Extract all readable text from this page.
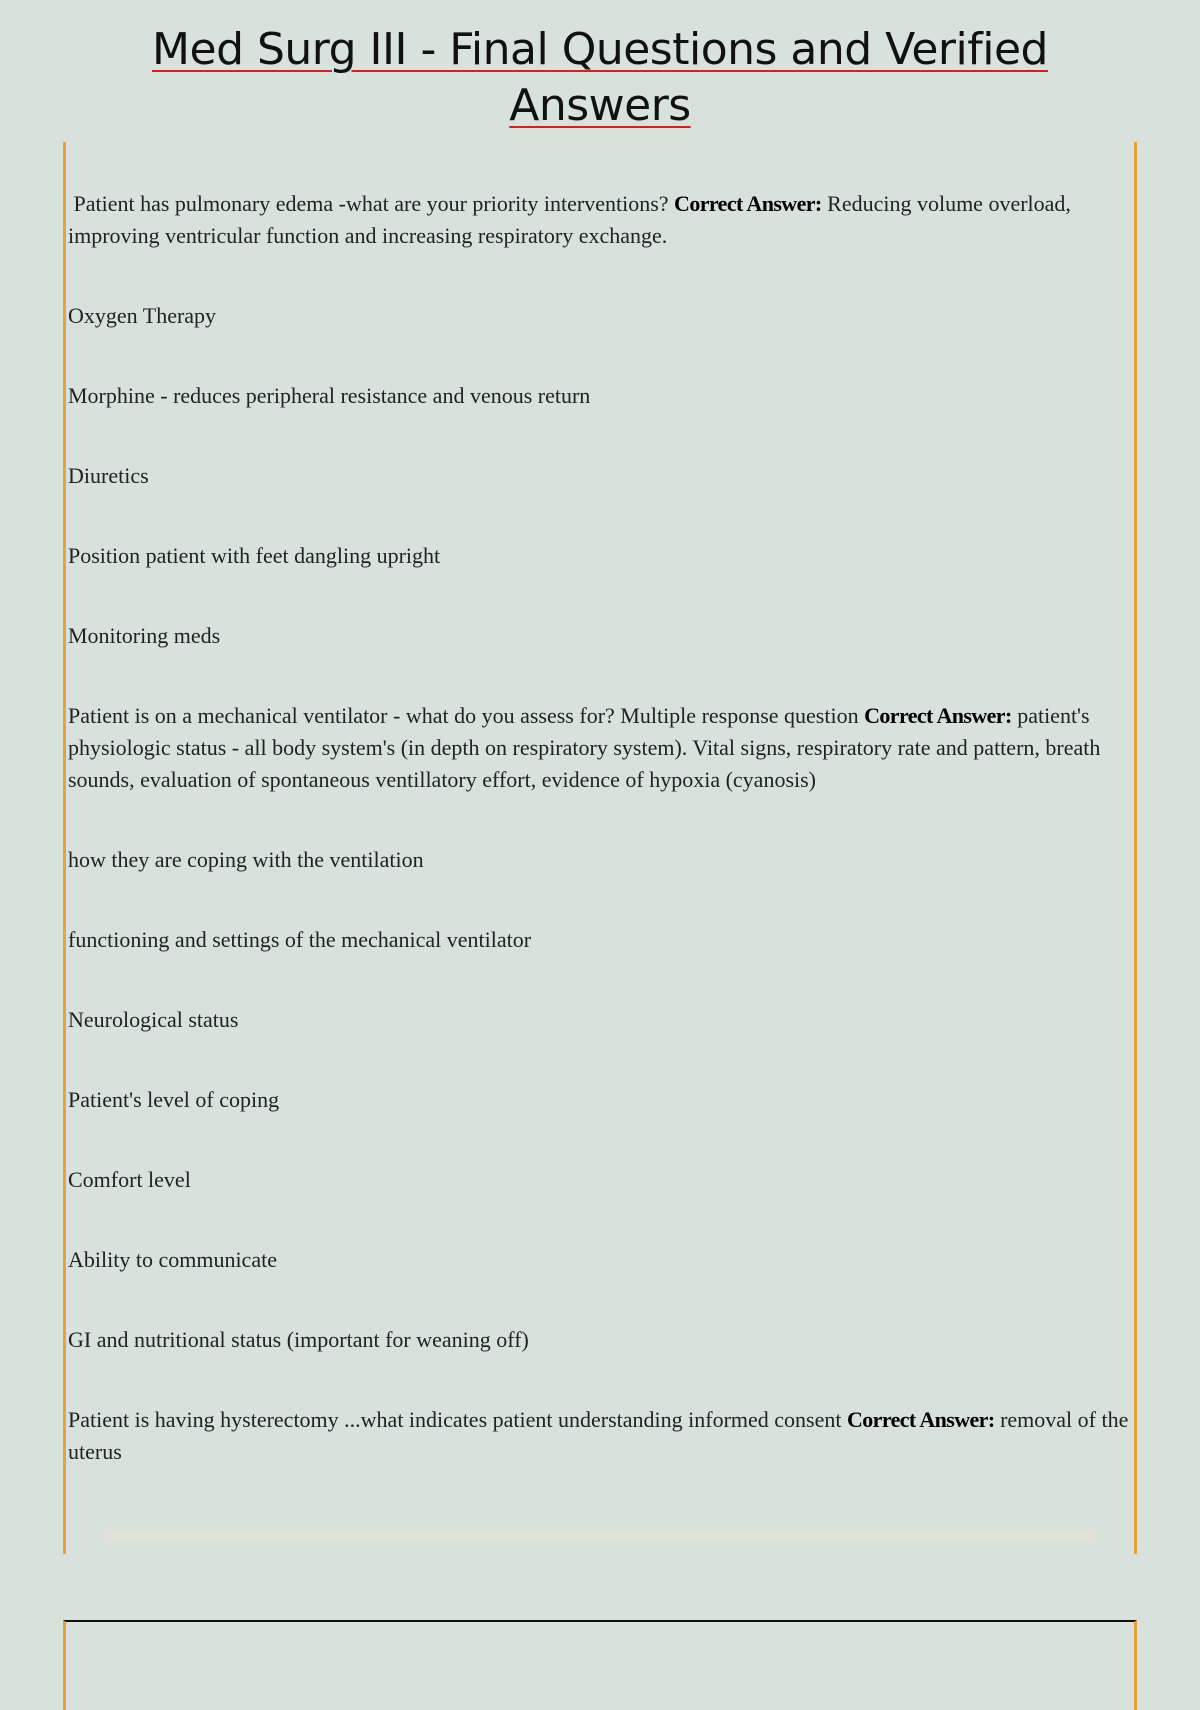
Med Surg III - Final Questions and Verified
Answers

Patient has pulmonary edema -what are your priority interventions? Correct Answer: Reducing volume overload, improving ventricular function and increasing respiratory exchange.

Oxygen Therapy

Morphine - reduces peripheral resistance and venous return

Diuretics

Position patient with feet dangling upright

Monitoring meds

Patient is on a mechanical ventilator - what do you assess for? Multiple response question Correct Answer: patient's physiologic status - all body system's (in depth on respiratory system). Vital signs, respiratory rate and pattern, breath sounds, evaluation of spontaneous ventillatory effort, evidence of hypoxia (cyanosis)

how they are coping with the ventilation

functioning and settings of the mechanical ventilator

Neurological status

Patient's level of coping

Comfort level

Ability to communicate

GI and nutritional status (important for weaning off)

Patient is having hysterectomy ...what indicates patient understanding informed consent Correct Answer: removal of the uterus
